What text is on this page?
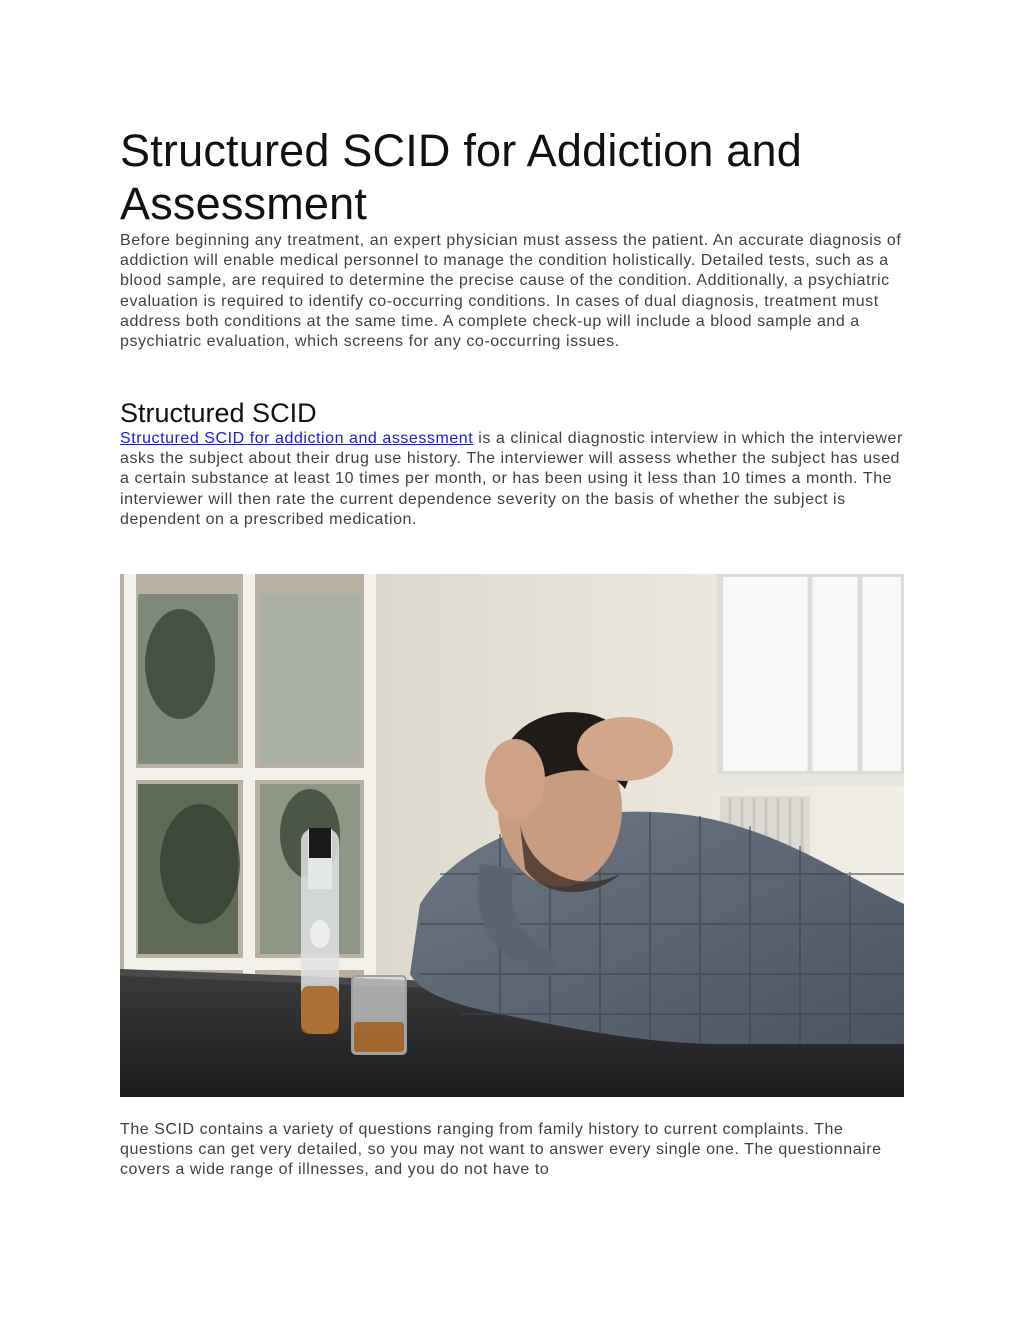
Structured SCID for Addiction and Assessment

Before beginning any treatment, an expert physician must assess the patient. An accurate diagnosis of addiction will enable medical personnel to manage the condition holistically. Detailed tests, such as a blood sample, are required to determine the precise cause of the condition. Additionally, a psychiatric evaluation is required to identify co-occurring conditions. In cases of dual diagnosis, treatment must address both conditions at the same time. A complete check-up will include a blood sample and a psychiatric evaluation, which screens for any co-occurring issues.

Structured SCID

Structured SCID for addiction and assessment is a clinical diagnostic interview in which the interviewer asks the subject about their drug use history. The interviewer will assess whether the subject has used a certain substance at least 10 times per month, or has been using it less than 10 times a month. The interviewer will then rate the current dependence severity on the basis of whether the subject is dependent on a prescribed medication.

The SCID contains a variety of questions ranging from family history to current complaints. The questions can get very detailed, so you may not want to answer every single one. The questionnaire covers a wide range of illnesses, and you do not have to
